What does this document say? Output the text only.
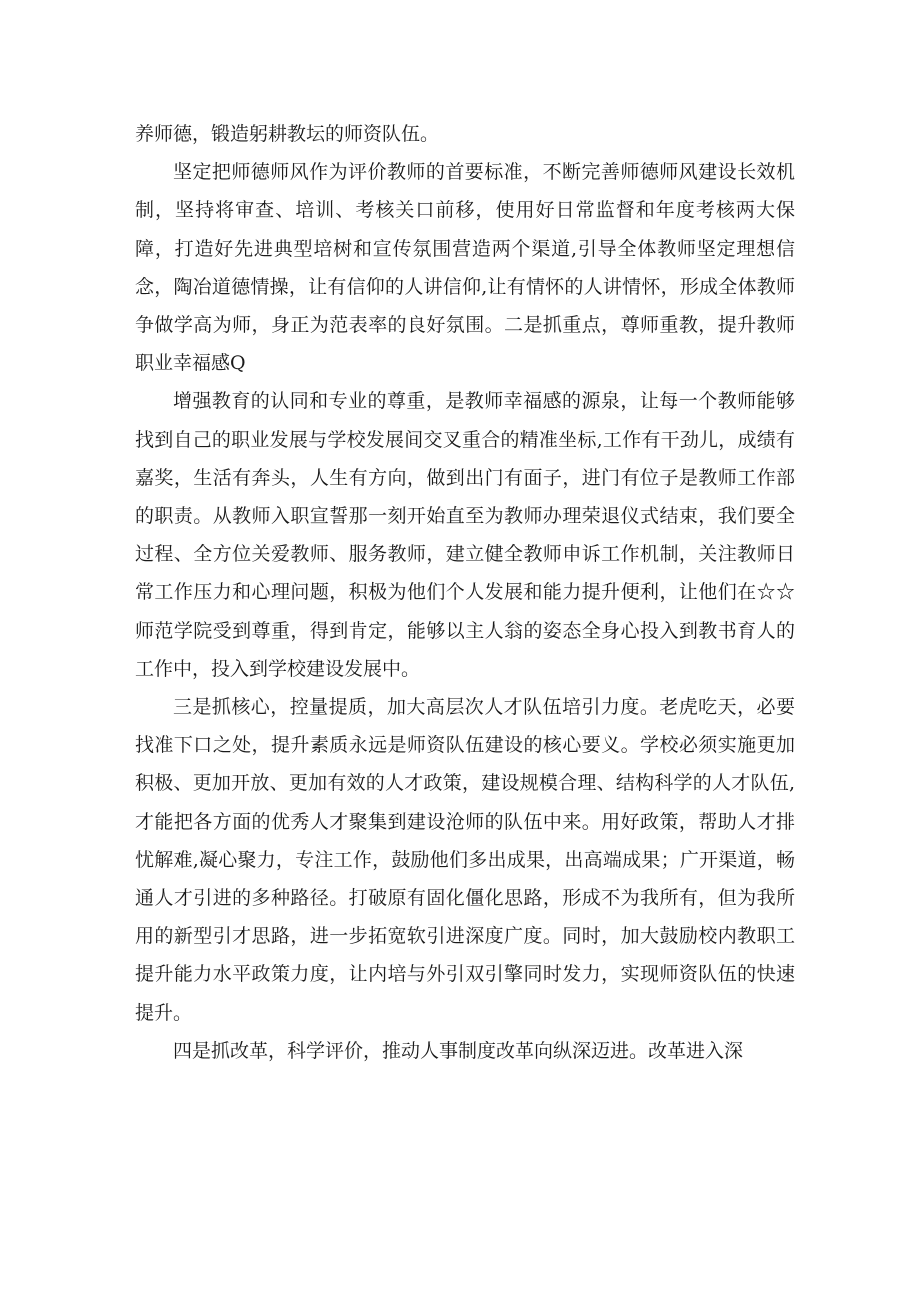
养师德，锻造躬耕教坛的师资队伍。

坚定把师德师风作为评价教师的首要标准，不断完善师德师风建设长效机制，坚持将审查、培训、考核关口前移，使用好日常监督和年度考核两大保障，打造好先进典型培树和宣传氛围营造两个渠道,引导全体教师坚定理想信念，陶冶道德情操，让有信仰的人讲信仰,让有情怀的人讲情怀，形成全体教师争做学高为师，身正为范表率的良好氛围。二是抓重点，尊师重教，提升教师职业幸福感Q

增强教育的认同和专业的尊重，是教师幸福感的源泉，让每一个教师能够找到自己的职业发展与学校发展间交叉重合的精准坐标,工作有干劲儿，成绩有嘉奖，生活有奔头，人生有方向，做到出门有面子，进门有位子是教师工作部的职责。从教师入职宣誓那一刻开始直至为教师办理荣退仪式结束，我们要全过程、全方位关爱教师、服务教师，建立健全教师申诉工作机制，关注教师日常工作压力和心理问题，积极为他们个人发展和能力提升便利，让他们在☆☆师范学院受到尊重，得到肯定，能够以主人翁的姿态全身心投入到教书育人的工作中，投入到学校建设发展中。

三是抓核心，控量提质，加大高层次人才队伍培引力度。老虎吃天，必要找准下口之处，提升素质永远是师资队伍建设的核心要义。学校必须实施更加积极、更加开放、更加有效的人才政策，建设规模合理、结构科学的人才队伍,才能把各方面的优秀人才聚集到建设沧师的队伍中来。用好政策，帮助人才排忧解难,凝心聚力，专注工作，鼓励他们多出成果，出高端成果；广开渠道，畅通人才引进的多种路径。打破原有固化僵化思路，形成不为我所有，但为我所用的新型引才思路，进一步拓宽软引进深度广度。同时，加大鼓励校内教职工提升能力水平政策力度，让内培与外引双引擎同时发力，实现师资队伍的快速提升。

四是抓改革，科学评价，推动人事制度改革向纵深迈进。改革进入深
